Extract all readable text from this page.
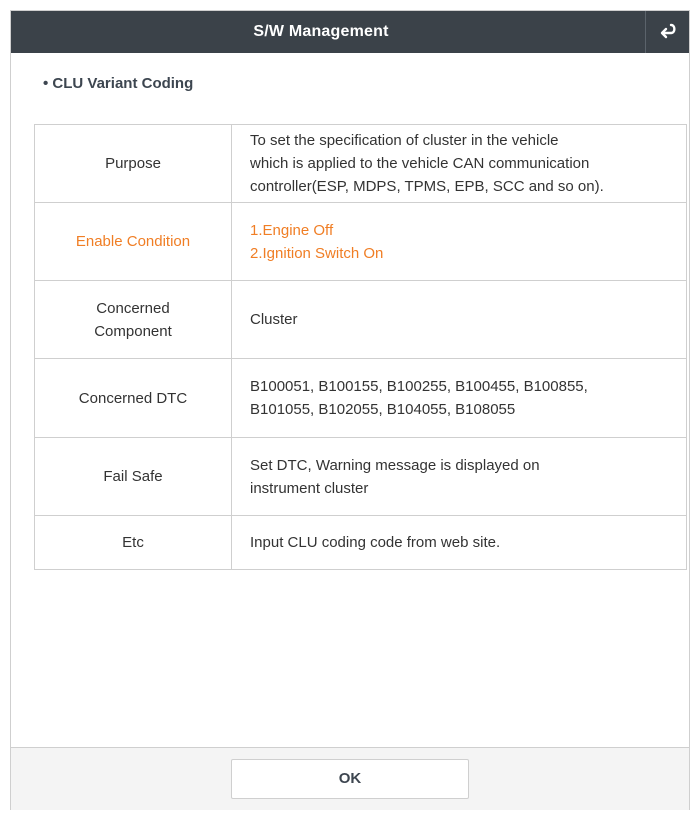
S/W Management
• CLU Variant Coding
Purpose	To set the specification of cluster in the vehicle
which is applied to the vehicle CAN communication
controller(ESP, MDPS, TPMS, EPB, SCC and so on).

Enable Condition	1.Engine Off
2.Ignition Switch On

Concerned
Component	Cluster

Concerned DTC	B100051, B100155, B100255, B100455, B100855,
B101055, B102055, B104055, B108055

Fail Safe	Set DTC, Warning message is displayed on
instrument cluster

Etc	Input CLU coding code from web site.
OK
